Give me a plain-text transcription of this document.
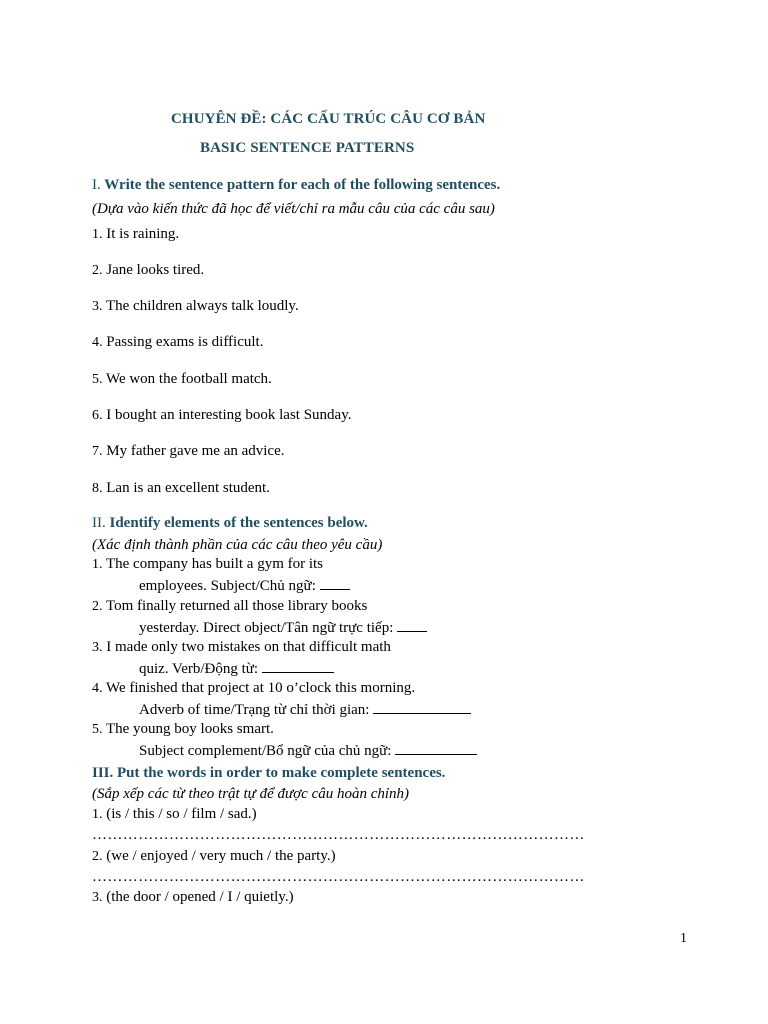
CHUYÊN ĐỀ: CÁC CẤU TRÚC CÂU CƠ BẢN
BASIC SENTENCE PATTERNS
I. Write the sentence pattern for each of the following sentences.
(Dựa vào kiến thức đã học để viết/chỉ ra mẫu câu của các câu sau)
1. It is raining.
2. Jane looks tired.
3. The children always talk loudly.
4. Passing exams is difficult.
5. We won the football match.
6. I bought an interesting book last Sunday.
7. My father gave me an advice.
8. Lan is an excellent student.
II. Identify elements of the sentences below.
(Xác định thành phần của các câu theo yêu cầu)
1. The company has built a gym for its
employees. Subject/Chủ ngữ:
2. Tom finally returned all those library books
yesterday. Direct object/Tân ngữ trực tiếp:
3. I made only two mistakes on that difficult math
quiz. Verb/Động từ:
4. We finished that project at 10 o’clock this morning.
Adverb of time/Trạng từ chỉ thời gian:
5. The young boy looks smart.
Subject complement/Bổ ngữ của chủ ngữ:
III. Put the words in order to make complete sentences.
(Sắp xếp các từ theo trật tự để được câu hoàn chỉnh)
1. (is / this / so / film / sad.)
……………………………………………………………………………………
2. (we / enjoyed / very much / the party.)
……………………………………………………………………………………
3. (the door / opened / I / quietly.)
1
